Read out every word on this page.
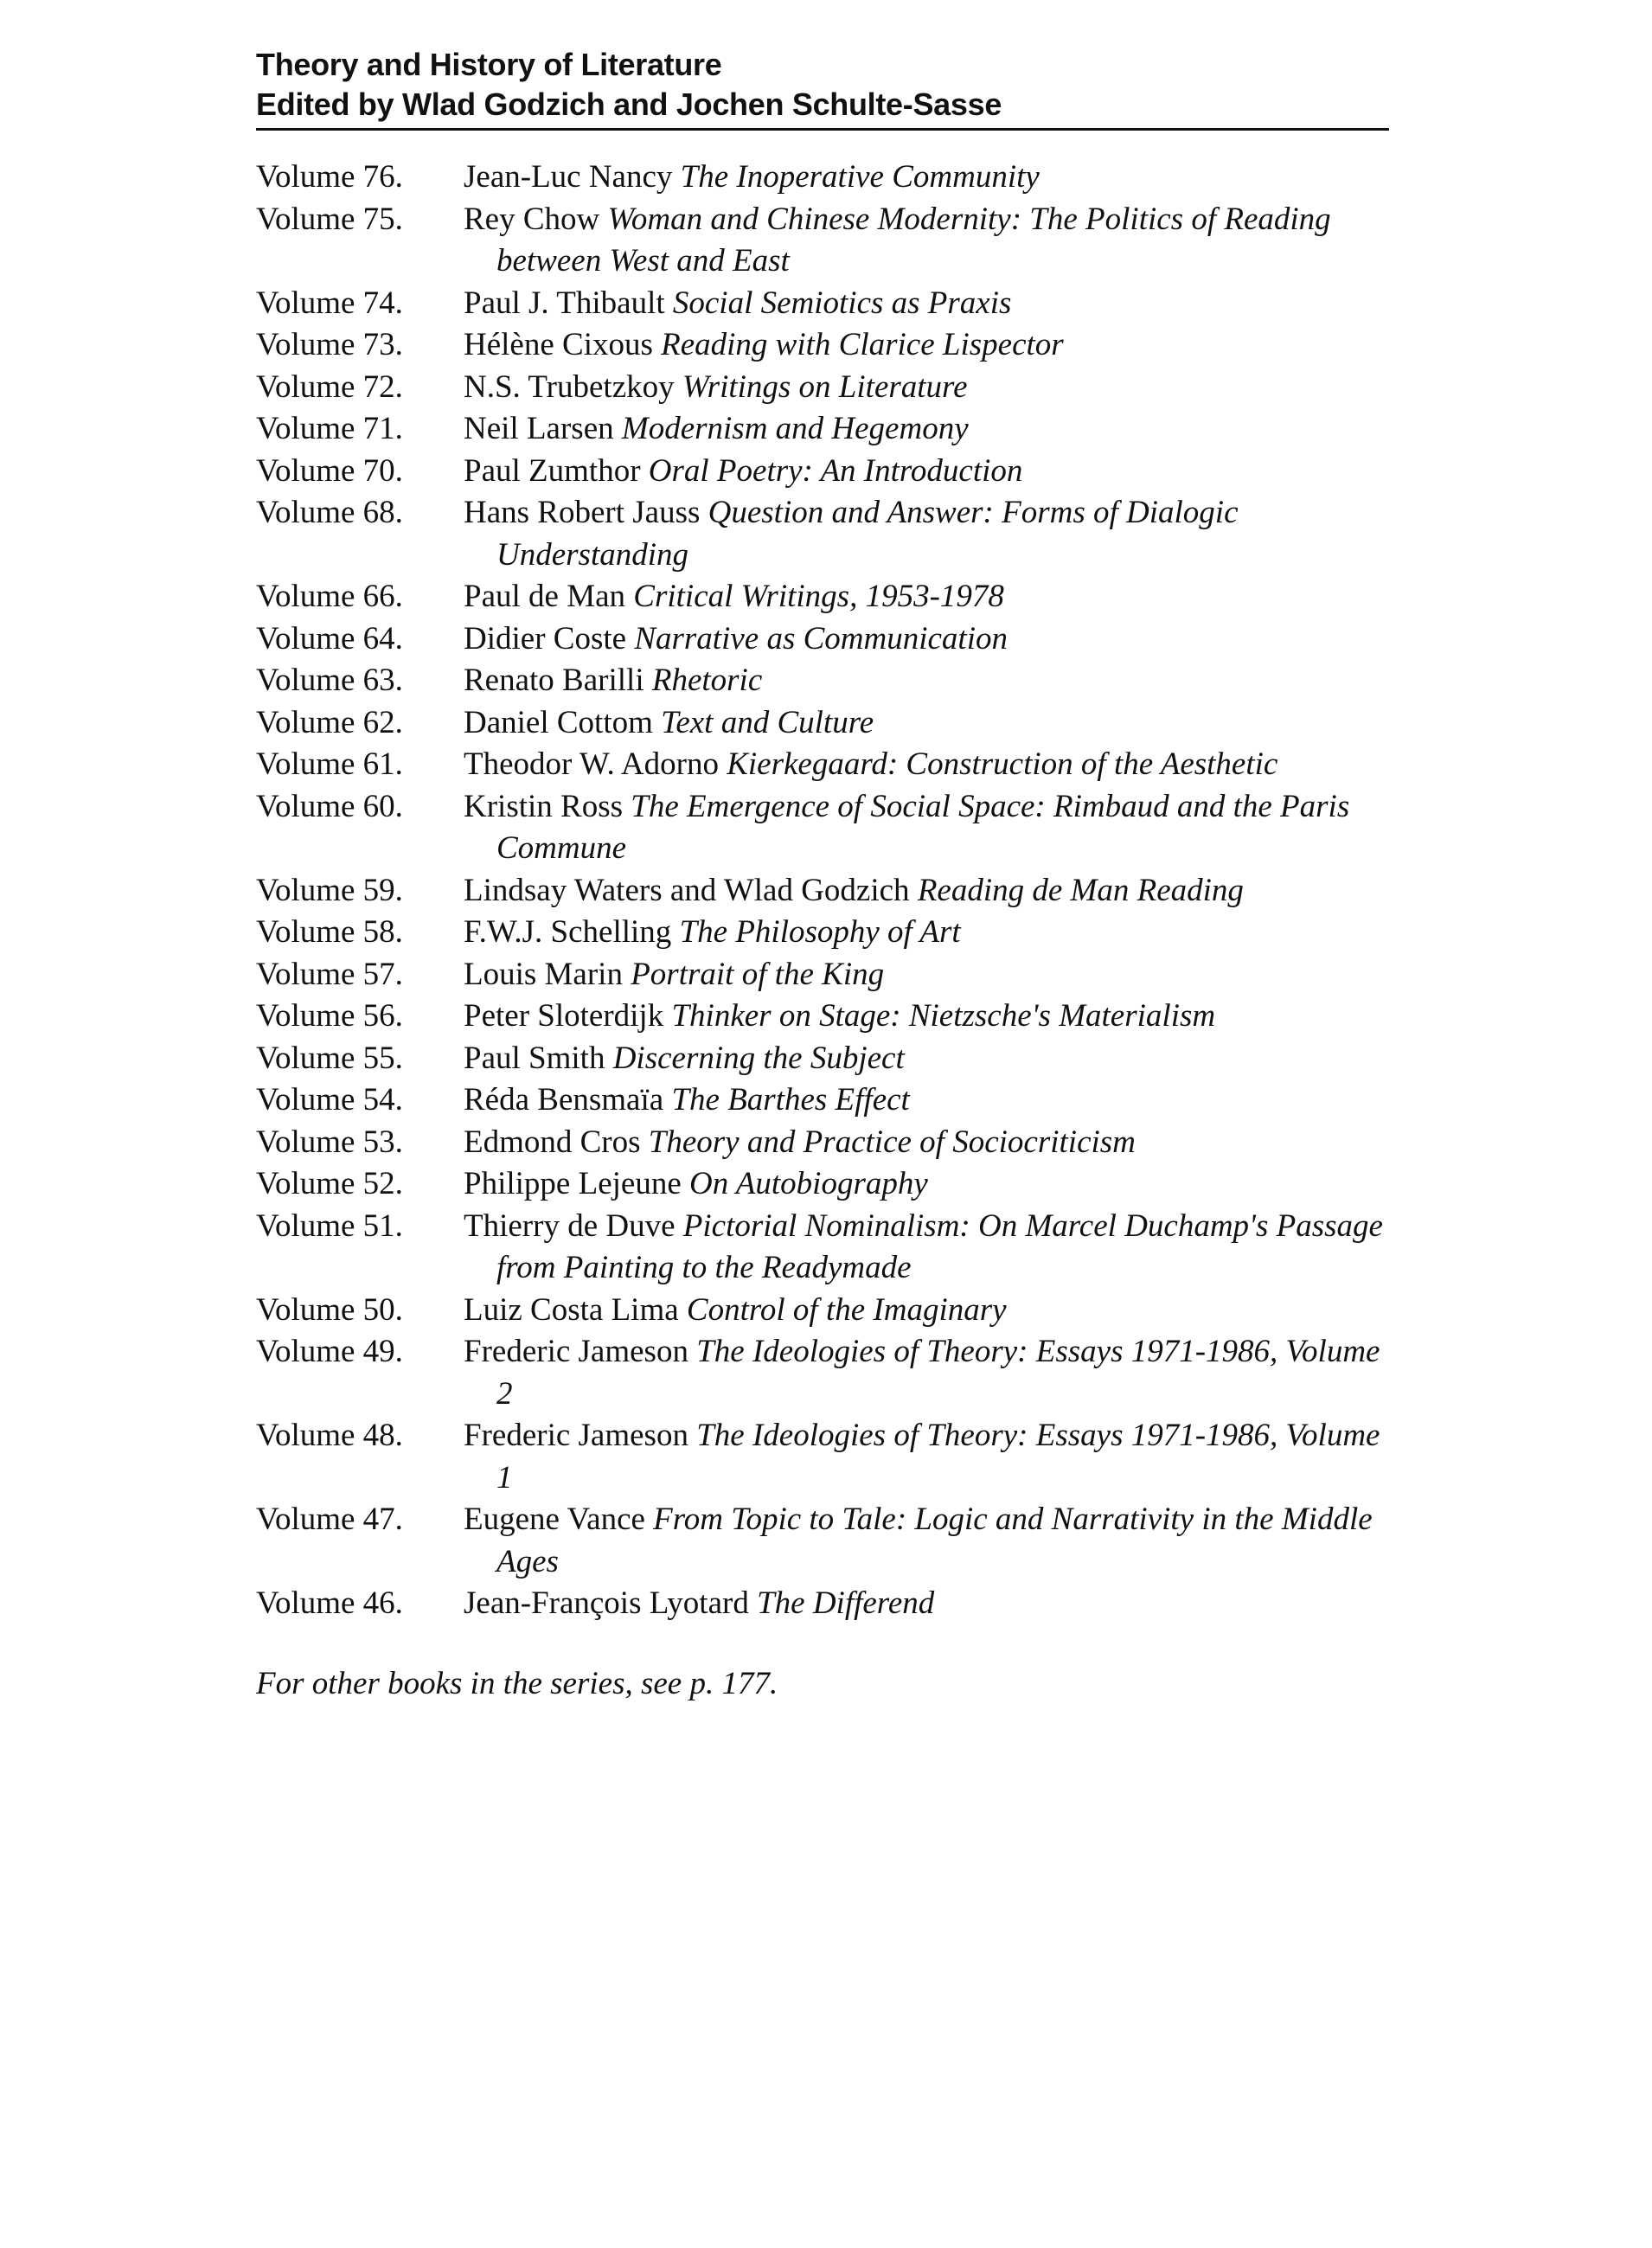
Theory and History of Literature
Edited by Wlad Godzich and Jochen Schulte-Sasse
Volume 76.	Jean-Luc Nancy The Inoperative Community
Volume 75.	Rey Chow Woman and Chinese Modernity: The Politics of Reading between West and East
Volume 74.	Paul J. Thibault Social Semiotics as Praxis
Volume 73.	Hélène Cixous Reading with Clarice Lispector
Volume 72.	N.S. Trubetzkoy Writings on Literature
Volume 71.	Neil Larsen Modernism and Hegemony
Volume 70.	Paul Zumthor Oral Poetry: An Introduction
Volume 68.	Hans Robert Jauss Question and Answer: Forms of Dialogic Understanding
Volume 66.	Paul de Man Critical Writings, 1953-1978
Volume 64.	Didier Coste Narrative as Communication
Volume 63.	Renato Barilli Rhetoric
Volume 62.	Daniel Cottom Text and Culture
Volume 61.	Theodor W. Adorno Kierkegaard: Construction of the Aesthetic
Volume 60.	Kristin Ross The Emergence of Social Space: Rimbaud and the Paris Commune
Volume 59.	Lindsay Waters and Wlad Godzich Reading de Man Reading
Volume 58.	F.W.J. Schelling The Philosophy of Art
Volume 57.	Louis Marin Portrait of the King
Volume 56.	Peter Sloterdijk Thinker on Stage: Nietzsche's Materialism
Volume 55.	Paul Smith Discerning the Subject
Volume 54.	Réda Bensmaïa The Barthes Effect
Volume 53.	Edmond Cros Theory and Practice of Sociocriticism
Volume 52.	Philippe Lejeune On Autobiography
Volume 51.	Thierry de Duve Pictorial Nominalism: On Marcel Duchamp's Passage from Painting to the Readymade
Volume 50.	Luiz Costa Lima Control of the Imaginary
Volume 49.	Frederic Jameson The Ideologies of Theory: Essays 1971-1986, Volume 2
Volume 48.	Frederic Jameson The Ideologies of Theory: Essays 1971-1986, Volume 1
Volume 47.	Eugene Vance From Topic to Tale: Logic and Narrativity in the Middle Ages
Volume 46.	Jean-François Lyotard The Differend
For other books in the series, see p. 177.
